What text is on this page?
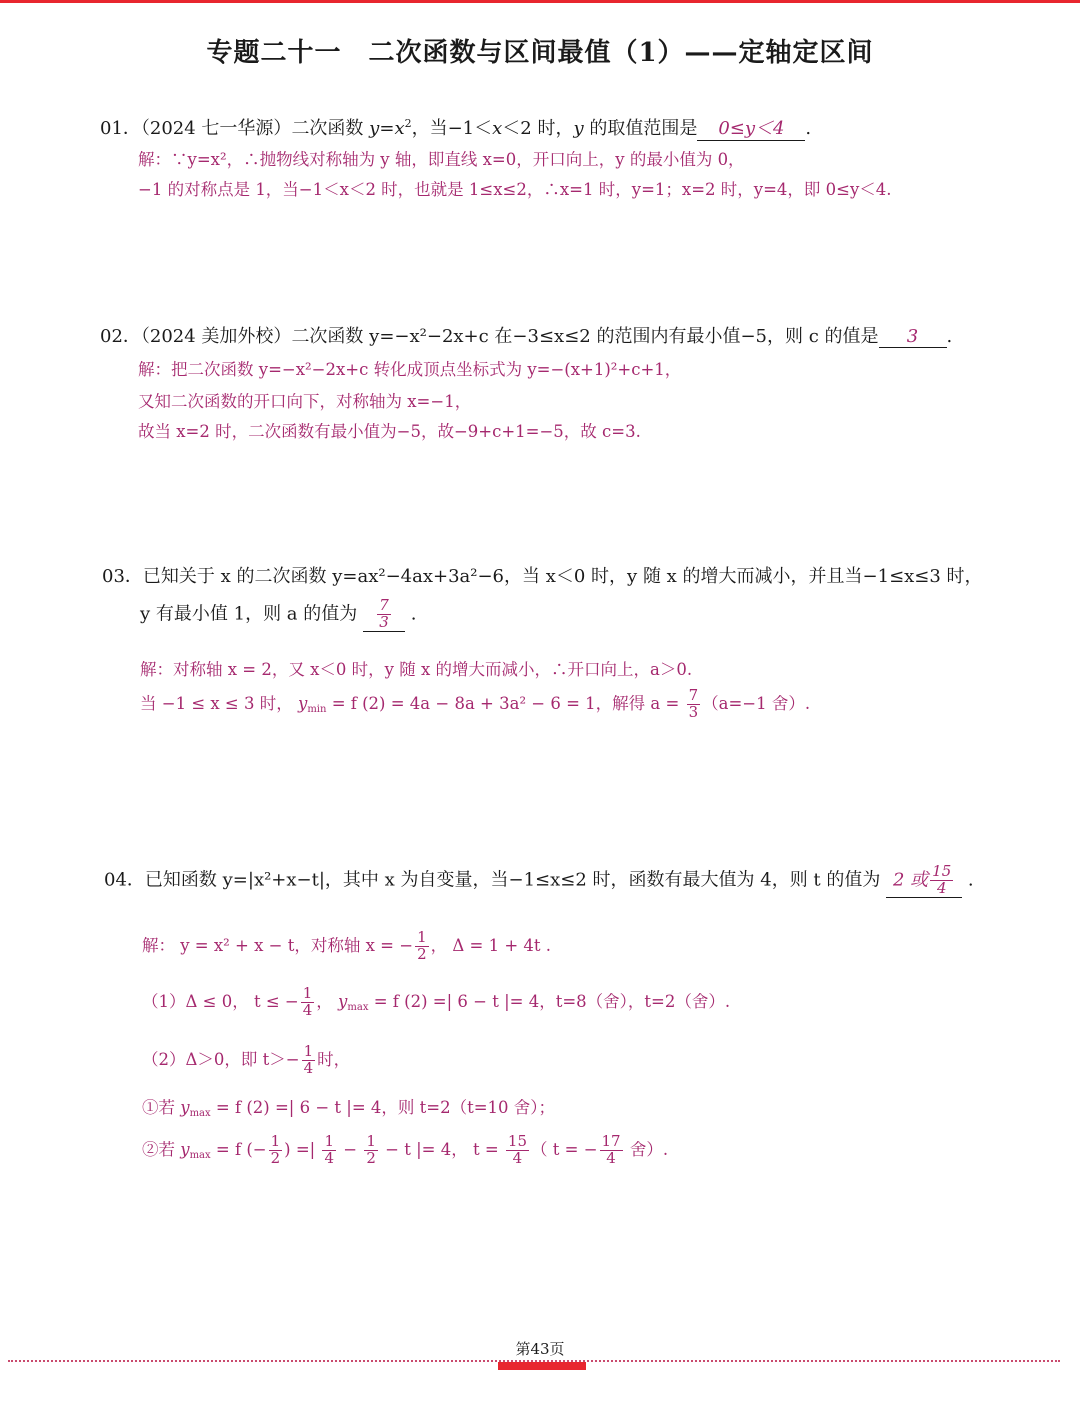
专题二十一　二次函数与区间最值（1）——定轴定区间
01．（2024 七一华源）二次函数 $y=x^2$，当−1＜x＜2 时，y 的取值范围是 0≤y＜4 .
解：∵y=x²，∴抛物线对称轴为 y 轴，即直线 x=0，开口向上，y 的最小值为 0，
−1 的对称点是 1，当−1＜x＜2 时，也就是 1≤x≤2，∴x=1 时，y=1；x=2 时，y=4，即 0≤y＜4.
02．（2024 美加外校）二次函数 y=−x²−2x+c 在−3≤x≤2 的范围内有最小值−5，则 c 的值是 3 .
解：把二次函数 y=−x²−2x+c 转化成顶点坐标式为 y=−(x+1)²+c+1，
又知二次函数的开口向下，对称轴为 x=−1，
故当 x=2 时，二次函数有最小值为−5，故−9+c+1=−5，故 c=3.
03．已知关于 x 的二次函数 y=ax²−4ax+3a²−6，当 x＜0 时，y 随 x 的增大而减小，并且当−1≤x≤3 时，
y 有最小值 1，则 a 的值为 $\frac{7}{3}$ .
解：对称轴 x = 2，又 x＜0 时，y 随 x 的增大而减小，∴开口向上，a＞0.
当 −1 ≤ x ≤ 3 时， $y_{min} = f$ (2) = 4a − 8a + 3a² − 6 = 1，解得 $a = \frac{7}{3} (a=-1$ 舍）.
04．已知函数 y=|x²+x−t|，其中 x 为自变量，当−1≤x≤2 时，函数有最大值为 4，则 t 的值为 2 或 $\frac{15}{4}$ .
解： y = x² + x − t，对称轴 x = − $\frac{1}{2}$ ， Δ = 1 + 4t .
（1）Δ ≤ 0， t ≤ − $\frac{1}{4}$ ， $y_{max} = f$ (2) =| 6 − t |= 4，t=8（舍），t=2（舍）.
（2）Δ＞0，即 $t>- \frac{1}{4}$ 时，
①若 $y_{max} = f$ (2) =| 6 − t |= 4，则 t=2（t=10 舍）；
②若 $y_{max} = f$ (− $\frac{1}{2}$ ) =| $\frac{1}{4} - \frac{1}{2} - t$ |= 4， $t = \frac{15}{4}$ （ t = − $\frac{17}{4}$ 舍）.
第43页
